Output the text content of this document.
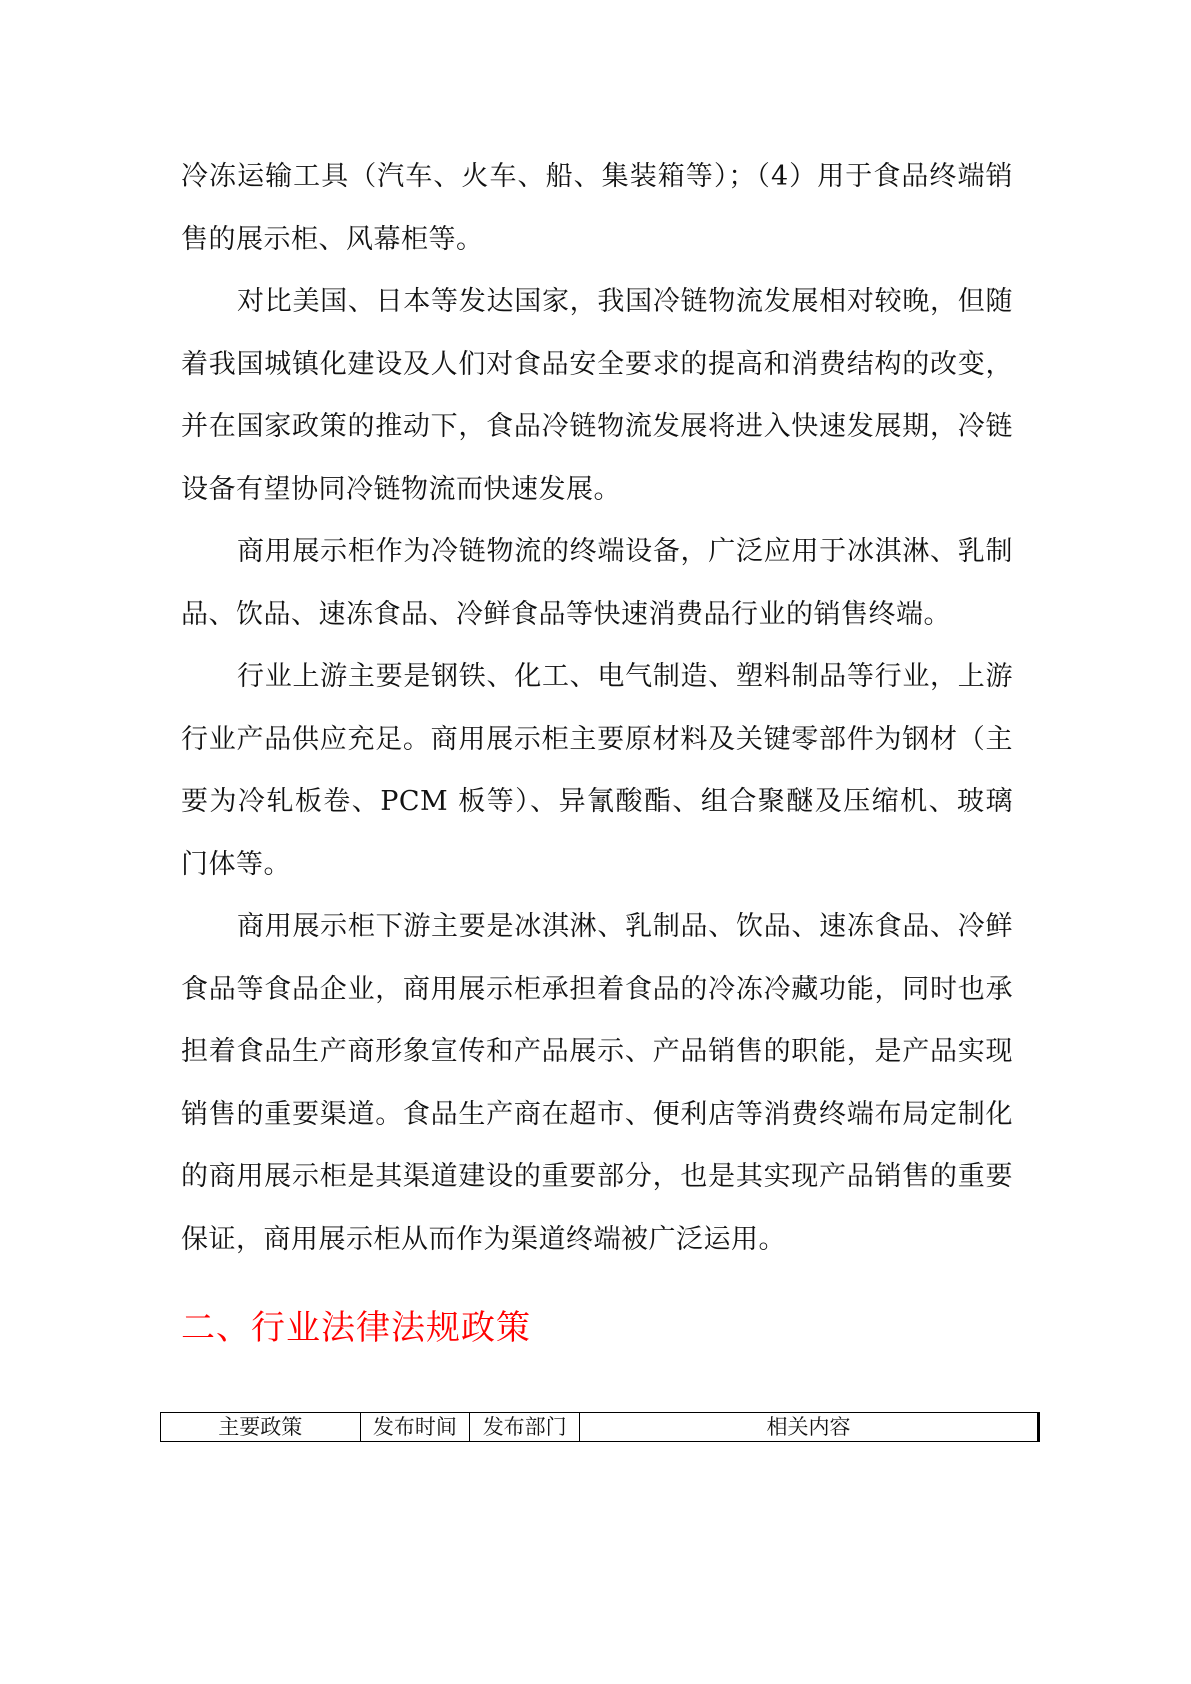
冷冻运输工具（汽车、火车、船、集装箱等）；（4）用于食品终端销售的展示柜、风幕柜等。

对比美国、日本等发达国家，我国冷链物流发展相对较晚，但随着我国城镇化建设及人们对食品安全要求的提高和消费结构的改变，并在国家政策的推动下，食品冷链物流发展将进入快速发展期，冷链设备有望协同冷链物流而快速发展。

商用展示柜作为冷链物流的终端设备，广泛应用于冰淇淋、乳制品、饮品、速冻食品、冷鲜食品等快速消费品行业的销售终端。

行业上游主要是钢铁、化工、电气制造、塑料制品等行业，上游行业产品供应充足。商用展示柜主要原材料及关键零部件为钢材（主要为冷轧板卷、PCM 板等）、异氰酸酯、组合聚醚及压缩机、玻璃门体等。

商用展示柜下游主要是冰淇淋、乳制品、饮品、速冻食品、冷鲜食品等食品企业，商用展示柜承担着食品的冷冻冷藏功能，同时也承担着食品生产商形象宣传和产品展示、产品销售的职能，是产品实现销售的重要渠道。食品生产商在超市、便利店等消费终端布局定制化的商用展示柜是其渠道建设的重要部分，也是其实现产品销售的重要保证，商用展示柜从而作为渠道终端被广泛运用。

二、行业法律法规政策
主要政策	发布时间	发布部门	相关内容
